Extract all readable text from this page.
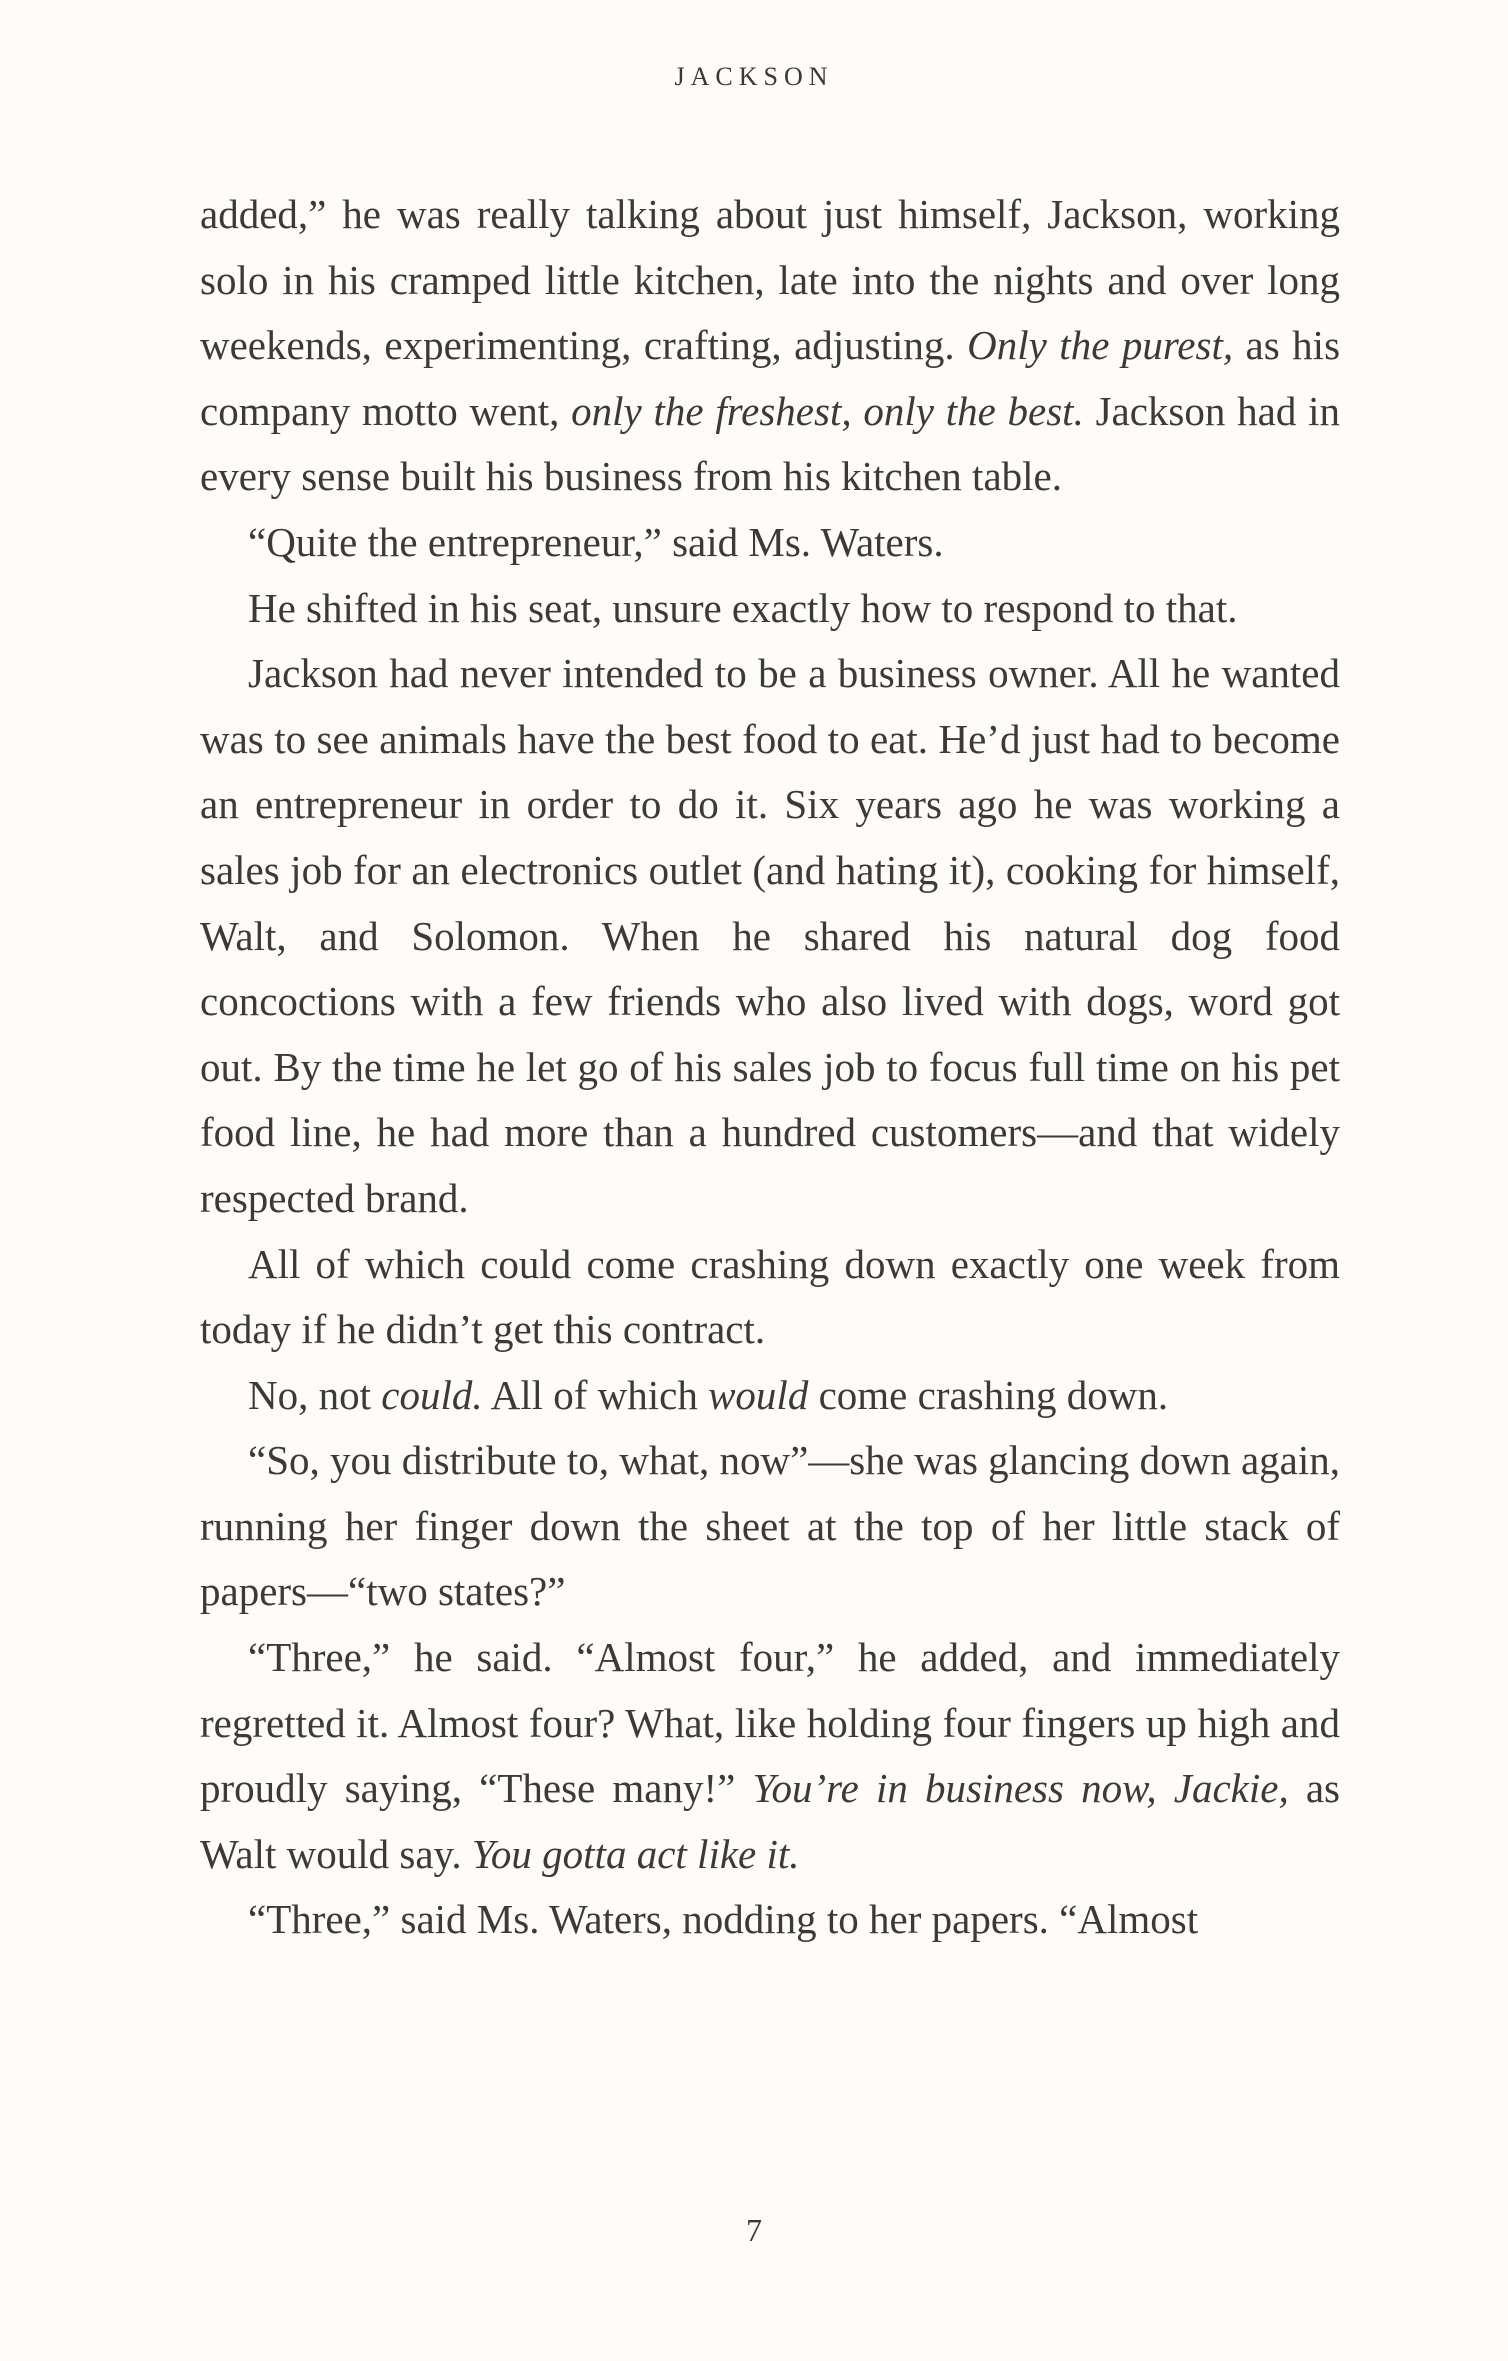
JACKSON

added,” he was really talking about just himself, Jackson, working solo in his cramped little kitchen, late into the nights and over long weekends, experimenting, crafting, adjusting. Only the purest, as his company motto went, only the freshest, only the best. Jackson had in every sense built his business from his kitchen table.

“Quite the entrepreneur,” said Ms. Waters.

He shifted in his seat, unsure exactly how to respond to that.

Jackson had never intended to be a business owner. All he wanted was to see animals have the best food to eat. He’d just had to become an entrepreneur in order to do it. Six years ago he was working a sales job for an electronics outlet (and hating it), cooking for himself, Walt, and Solomon. When he shared his natural dog food concoctions with a few friends who also lived with dogs, word got out. By the time he let go of his sales job to focus full time on his pet food line, he had more than a hundred customers—and that widely respected brand.

All of which could come crashing down exactly one week from today if he didn’t get this contract.

No, not could. All of which would come crashing down.

“So, you distribute to, what, now”—she was glancing down again, running her finger down the sheet at the top of her little stack of papers—“two states?”

“Three,” he said. “Almost four,” he added, and immediately regretted it. Almost four? What, like holding four fingers up high and proudly saying, “These many!” You’re in business now, Jackie, as Walt would say. You gotta act like it.

“Three,” said Ms. Waters, nodding to her papers. “Almost

7
